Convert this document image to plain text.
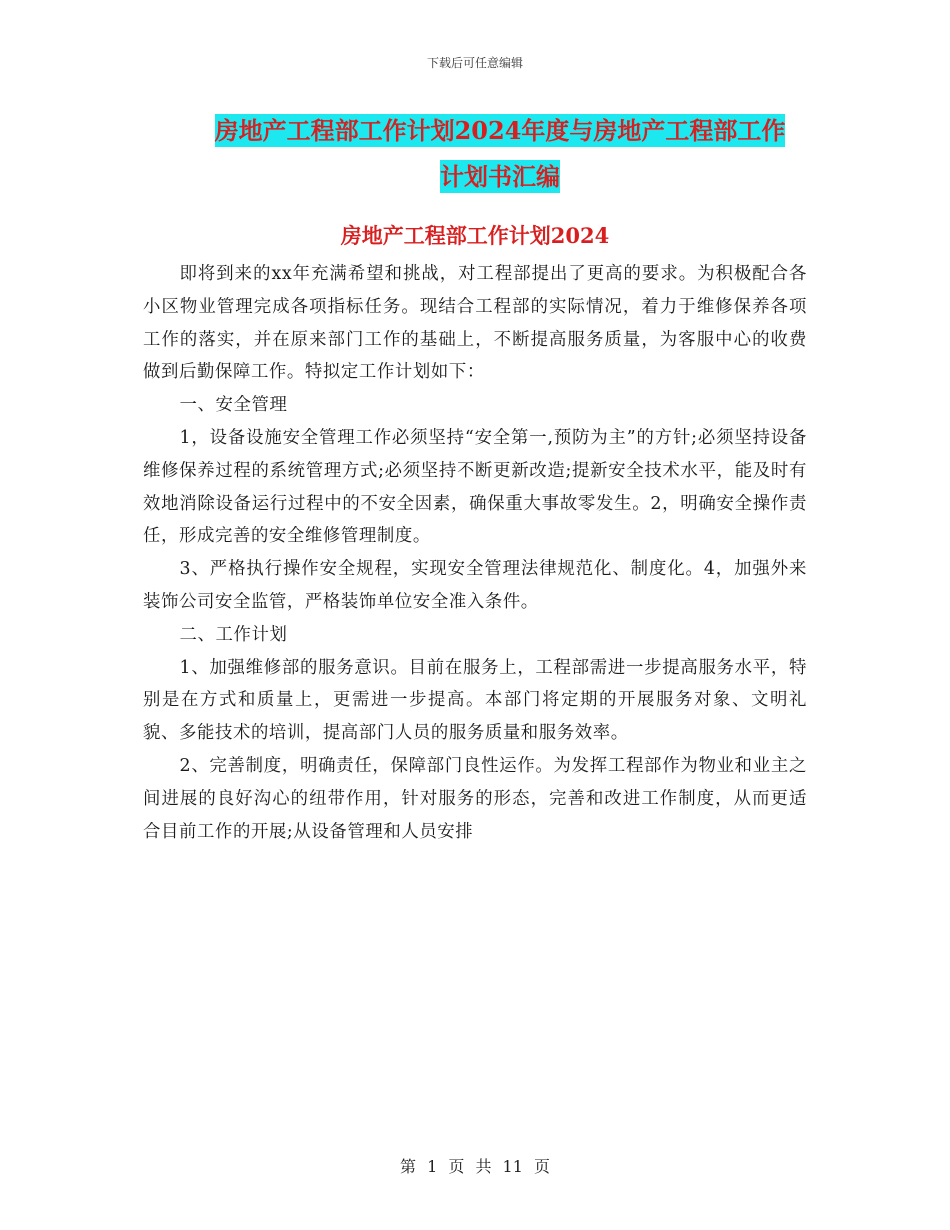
下载后可任意编辑
房地产工程部工作计划2024年度与房地产工程部工作
计划书汇编
房地产工程部工作计划2024

即将到来的xx年充满希望和挑战，对工程部提出了更高的要求。为积极配合各小区物业管理完成各项指标任务。现结合工程部的实际情况，着力于维修保养各项工作的落实，并在原来部门工作的基础上，不断提高服务质量，为客服中心的收费做到后勤保障工作。特拟定工作计划如下：

一、安全管理

1，设备设施安全管理工作必须坚持“安全第一,预防为主”的方针;必须坚持设备维修保养过程的系统管理方式;必须坚持不断更新改造;提新安全技术水平，能及时有效地消除设备运行过程中的不安全因素，确保重大事故零发生。2，明确安全操作责任，形成完善的安全维修管理制度。

3、严格执行操作安全规程，实现安全管理法律规范化、制度化。4，加强外来装饰公司安全监管，严格装饰单位安全准入条件。

二、工作计划

1、加强维修部的服务意识。目前在服务上，工程部需进一步提高服务水平，特别是在方式和质量上，更需进一步提高。本部门将定期的开展服务对象、文明礼貌、多能技术的培训，提高部门人员的服务质量和服务效率。

2、完善制度，明确责任，保障部门良性运作。为发挥工程部作为物业和业主之间进展的良好沟心的纽带作用，针对服务的形态，完善和改进工作制度，从而更适合目前工作的开展;从设备管理和人员安排

第 1 页 共 11 页
